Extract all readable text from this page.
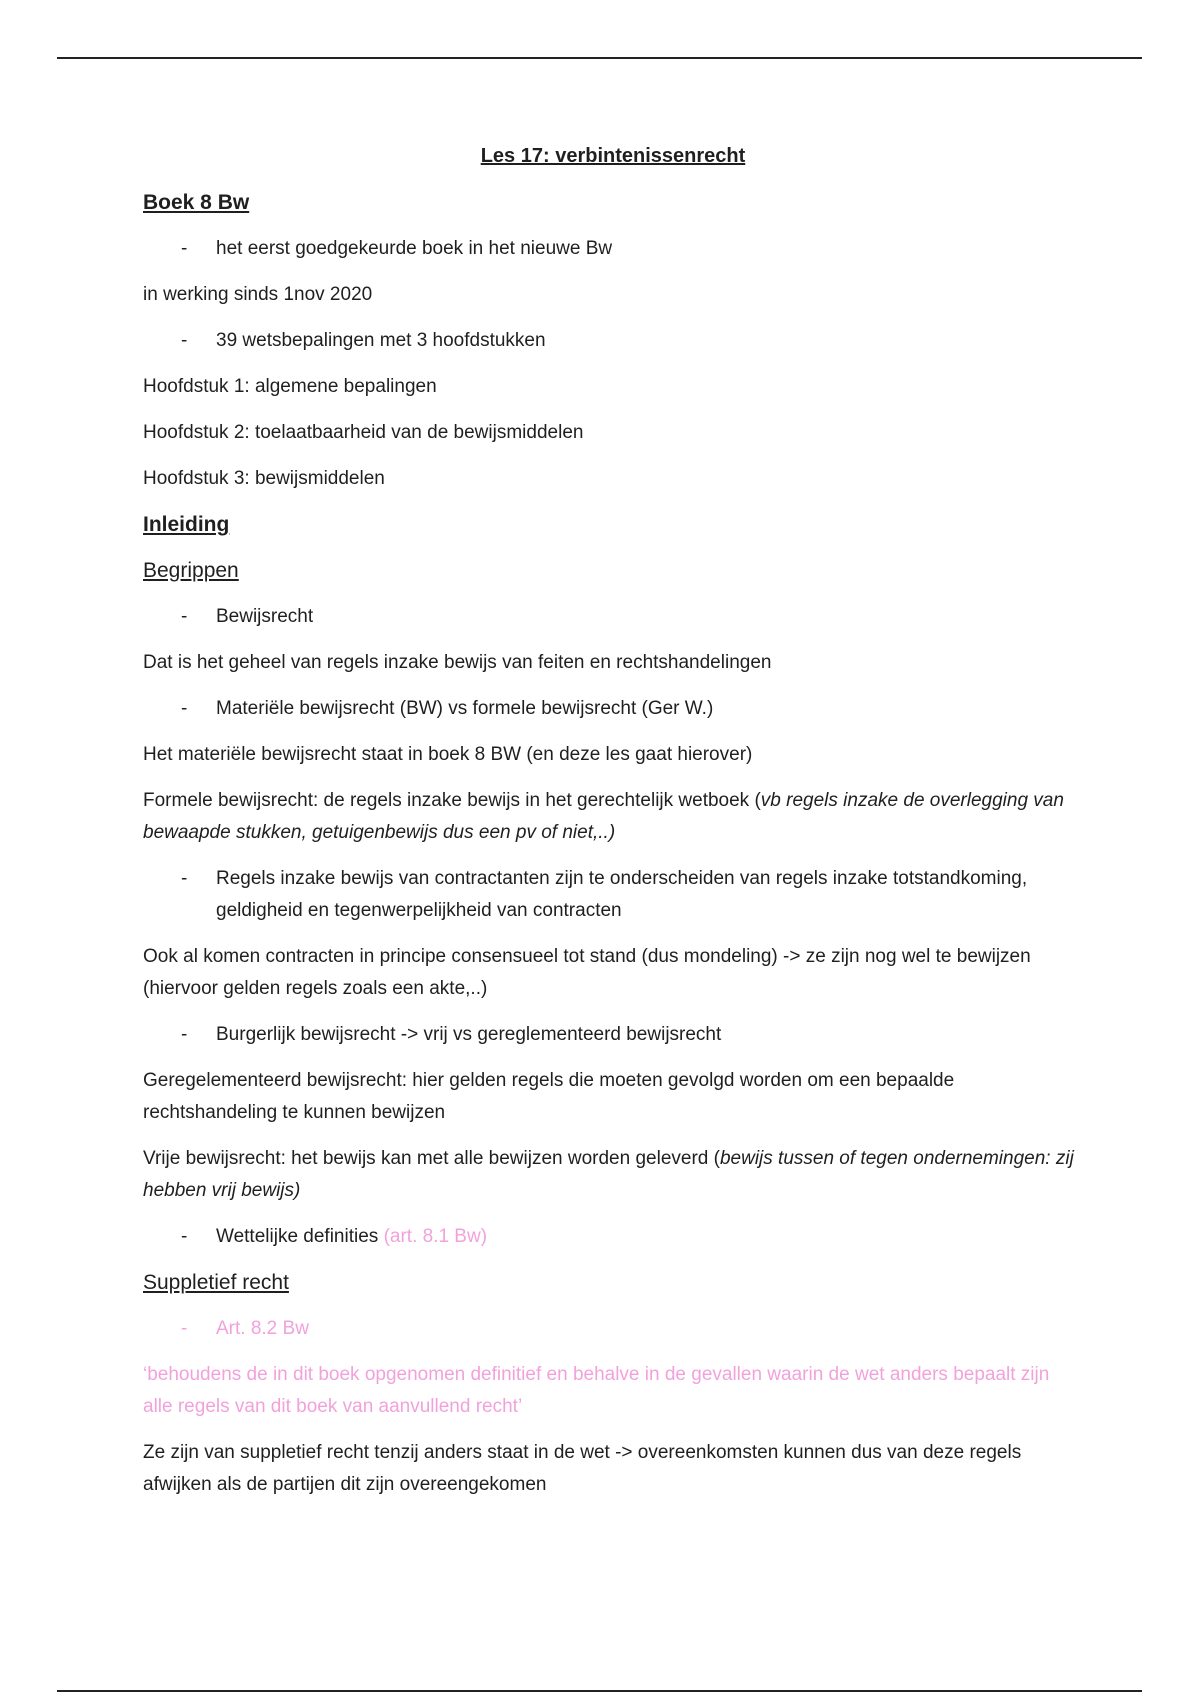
Les 17: verbintenissenrecht
Boek 8 Bw
- het eerst goedgekeurde boek in het nieuwe Bw
in werking sinds 1nov 2020
- 39 wetsbepalingen met 3 hoofdstukken
Hoofdstuk 1: algemene bepalingen
Hoofdstuk 2: toelaatbaarheid van de bewijsmiddelen
Hoofdstuk 3: bewijsmiddelen
Inleiding
Begrippen
- Bewijsrecht
Dat is het geheel van regels inzake bewijs van feiten en rechtshandelingen
- Materiële bewijsrecht (BW) vs formele bewijsrecht (Ger W.)
Het materiële bewijsrecht staat in boek 8 BW (en deze les gaat hierover)
Formele bewijsrecht: de regels inzake bewijs in het gerechtelijk wetboek (vb regels inzake de overlegging van bewaapde stukken, getuigenbewijs dus een pv of niet,..)
- Regels inzake bewijs van contractanten zijn te onderscheiden van regels inzake totstandkoming, geldigheid en tegenwerpelijkheid van contracten
Ook al komen contracten in principe consensueel tot stand (dus mondeling) -> ze zijn nog wel te bewijzen (hiervoor gelden regels zoals een akte,..)
- Burgerlijk bewijsrecht -> vrij vs gereglementeerd bewijsrecht
Geregelementeerd bewijsrecht: hier gelden regels die moeten gevolgd worden om een bepaalde rechtshandeling te kunnen bewijzen
Vrije bewijsrecht: het bewijs kan met alle bewijzen worden geleverd (bewijs tussen of tegen ondernemingen: zij hebben vrij bewijs)
- Wettelijke definities (art. 8.1 Bw)
Suppletief recht
- Art. 8.2 Bw
‘behoudens de in dit boek opgenomen definitief en behalve in de gevallen waarin de wet anders bepaalt zijn alle regels van dit boek van aanvullend recht’
Ze zijn van suppletief recht tenzij anders staat in de wet -> overeenkomsten kunnen dus van deze regels afwijken als de partijen dit zijn overeengekomen
